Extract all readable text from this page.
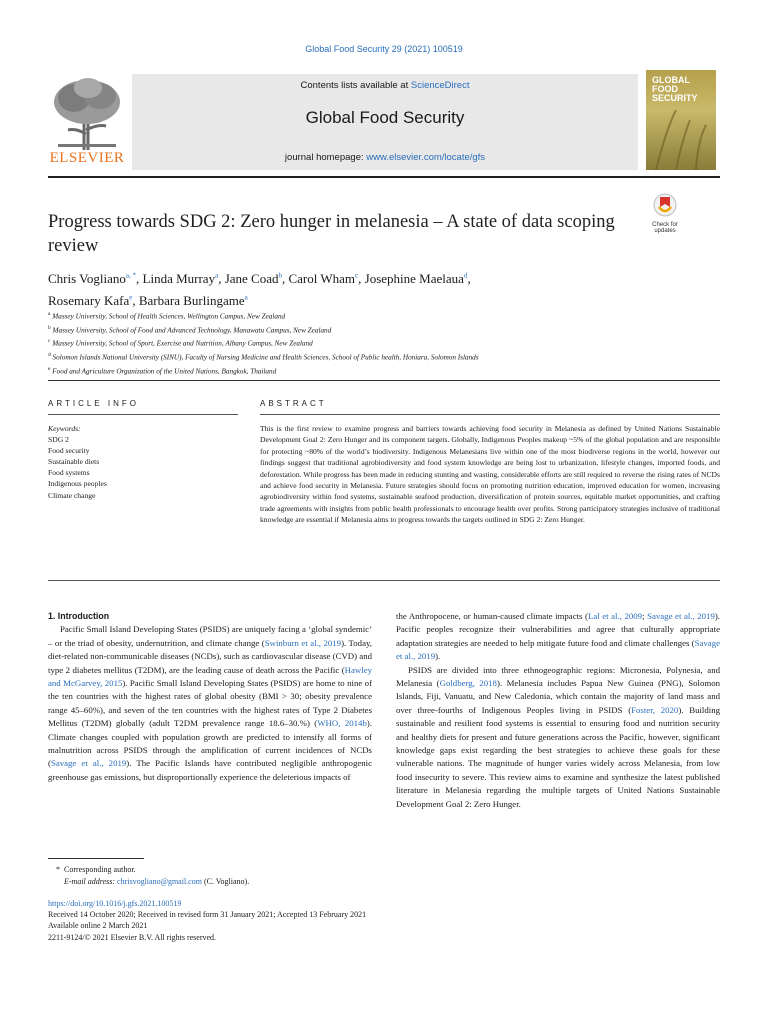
Global Food Security 29 (2021) 100519
ELSEVIER
Contents lists available at ScienceDirect
Global Food Security
journal homepage: www.elsevier.com/locate/gfs
GLOBAL FOOD SECURITY
Progress towards SDG 2: Zero hunger in melanesia – A state of data scoping review
Check for
updates
Chris Vogliano$^{a, *}$, Linda Murray$^a$, Jane Coad$^b$, Carol Wham$^c$, Josephine Maelaua$^d$,
Rosemary Kafa$^e$, Barbara Burlingame$^a$
$^a$ Massey University, School of Health Sciences, Wellington Campus, New Zealand
$^b$ Massey University, School of Food and Advanced Technology, Manawatu Campus, New Zealand
$^c$ Massey University, School of Sport, Exercise and Nutrition, Albany Campus, New Zealand
$^d$ Solomon Islands National University (SINU), Faculty of Nursing Medicine and Health Sciences, School of Public health, Honiara, Solomon Islands
$^e$ Food and Agriculture Organization of the United Nations, Bangkok, Thailand
ARTICLE INFO	ABSTRACT
Keywords:
SDG 2
Food security
Sustainable diets
Food systems
Indigenous peoples
Climate change
This is the first review to examine progress and barriers towards achieving food security in Melanesia as defined by United Nations Sustainable Development Goal 2: Zero Hunger and its component targets. Globally, Indigenous Peoples makeup ~5% of the global population and are responsible for protecting ~80% of the world’s biodiversity. Indigenous Melanesians live within one of the most biodiverse regions in the world, however our findings suggest that traditional agrobiodiversity and food system knowledge are being lost to urbanization, lifestyle changes, imported foods, and deforestation. While progress has been made in reducing stunting and wasting, considerable efforts are still required to reverse the rising rates of NCDs and achieve food security in Melanesia. Future strategies should focus on promoting nutrition education, improved education for women, increasing agrobiodiversity within food systems, sustainable seafood production, diversification of protein sources, equitable market opportunities, and crafting trade agreements with insights from public health professionals to encourage health over profits. Strong participatory strategies inclusive of traditional knowledge are essential if Melanesia aims to progress towards the targets outlined in SDG 2: Zero Hunger.

1. Introduction

Pacific Small Island Developing States (PSIDS) are uniquely facing a ‘global syndemic’ – or the triad of obesity, undernutrition, and climate change (Swinburn et al., 2019). Today, diet-related non-communicable diseases (NCDs), such as cardiovascular disease (CVD) and type 2 diabetes mellitus (T2DM), are the leading cause of death across the Pacific (Hawley and McGarvey, 2015). Pacific Small Island Developing States (PSIDS) are home to nine of the ten countries with the highest rates of global obesity (BMI > 30; obesity prevalence range 45–60%), and seven of the ten countries with the highest rates of Type 2 Diabetes Mellitus (T2DM) globally (adult T2DM prevalence range 18.6–30.%) (WHO, 2014b). Climate changes coupled with population growth are predicted to intensify all forms of malnutrition across PSIDS through the amplification of current incidences of NCDs (Savage et al., 2019). The Pacific Islands have contributed negligible anthropogenic greenhouse gas emissions, but disproportionally experience the deleterious impacts of

the Anthropocene, or human-caused climate impacts (Lal et al., 2009; Savage et al., 2019). Pacific peoples recognize their vulnerabilities and agree that culturally appropriate adaptation strategies are needed to help mitigate future food and climate challenges (Savage et al., 2019).

PSIDS are divided into three ethnogeographic regions: Micronesia, Polynesia, and Melanesia (Goldberg, 2018). Melanesia includes Papua New Guinea (PNG), Solomon Islands, Fiji, Vanuatu, and New Caledonia, which contain the majority of land mass and over three-fourths of Indigenous Peoples living in PSIDS (Foster, 2020). Building sustainable and resilient food systems is essential to ensuring food and nutrition security and healthy diets for present and future generations across the Pacific, however, significant knowledge gaps exist regarding the best strategies to achieve these goals for these vulnerable nations. The magnitude of hunger varies widely across Melanesia, from low food insecurity to severe. This review aims to examine and synthesize the latest published literature in Melanesia regarding the multiple targets of United Nations Sustainable Development Goal 2: Zero Hunger.

*  Corresponding author.
E-mail address: chrisvogliano@gmail.com (C. Vogliano).
https://doi.org/10.1016/j.gfs.2021.100519
Received 14 October 2020; Received in revised form 31 January 2021; Accepted 13 February 2021
Available online 2 March 2021
2211-9124/© 2021 Elsevier B.V. All rights reserved.
